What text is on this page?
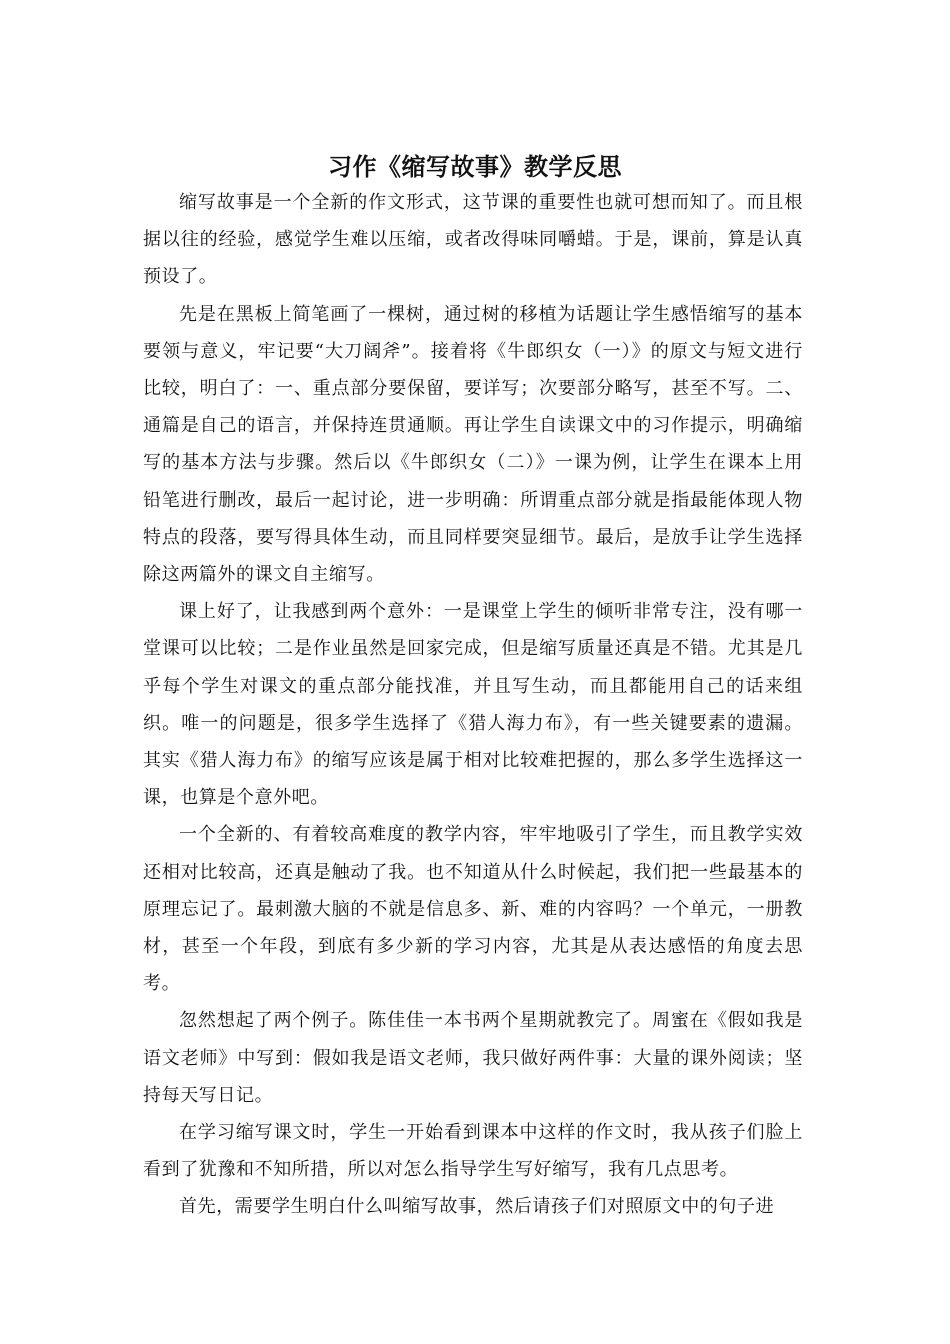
习作《缩写故事》教学反思

缩写故事是一个全新的作文形式，这节课的重要性也就可想而知了。而且根据以往的经验，感觉学生难以压缩，或者改得味同嚼蜡。于是，课前，算是认真预设了。

先是在黑板上简笔画了一棵树，通过树的移植为话题让学生感悟缩写的基本要领与意义，牢记要“大刀阔斧”。接着将《牛郎织女（一）》的原文与短文进行比较，明白了：一、重点部分要保留，要详写；次要部分略写，甚至不写。二、通篇是自己的语言，并保持连贯通顺。再让学生自读课文中的习作提示，明确缩写的基本方法与步骤。然后以《牛郎织女（二）》一课为例，让学生在课本上用铅笔进行删改，最后一起讨论，进一步明确：所谓重点部分就是指最能体现人物特点的段落，要写得具体生动，而且同样要突显细节。最后，是放手让学生选择除这两篇外的课文自主缩写。

课上好了，让我感到两个意外：一是课堂上学生的倾听非常专注，没有哪一堂课可以比较；二是作业虽然是回家完成，但是缩写质量还真是不错。尤其是几乎每个学生对课文的重点部分能找准，并且写生动，而且都能用自己的话来组织。唯一的问题是，很多学生选择了《猎人海力布》，有一些关键要素的遗漏。其实《猎人海力布》的缩写应该是属于相对比较难把握的，那么多学生选择这一课，也算是个意外吧。

一个全新的、有着较高难度的教学内容，牢牢地吸引了学生，而且教学实效还相对比较高，还真是触动了我。也不知道从什么时候起，我们把一些最基本的原理忘记了。最刺激大脑的不就是信息多、新、难的内容吗？一个单元，一册教材，甚至一个年段，到底有多少新的学习内容，尤其是从表达感悟的角度去思考。

忽然想起了两个例子。陈佳佳一本书两个星期就教完了。周蜜在《假如我是语文老师》中写到：假如我是语文老师，我只做好两件事：大量的课外阅读；坚持每天写日记。

在学习缩写课文时，学生一开始看到课本中这样的作文时，我从孩子们脸上看到了犹豫和不知所措，所以对怎么指导学生写好缩写，我有几点思考。

首先，需要学生明白什么叫缩写故事，然后请孩子们对照原文中的句子进
